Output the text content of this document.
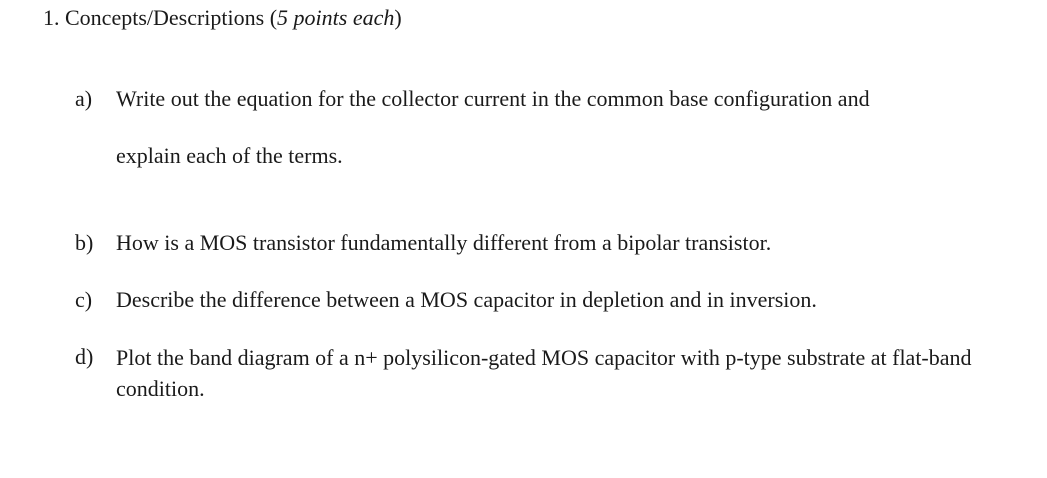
1. Concepts/Descriptions (5 points each)
a)	Write out the equation for the collector current in the common base configuration and
explain each of the terms.
b)	How is a MOS transistor fundamentally different from a bipolar transistor.
c)	Describe the difference between a MOS capacitor in depletion and in inversion.
d)	Plot the band diagram of a n+ polysilicon-gated MOS capacitor with p-type substrate at flat-band condition.
